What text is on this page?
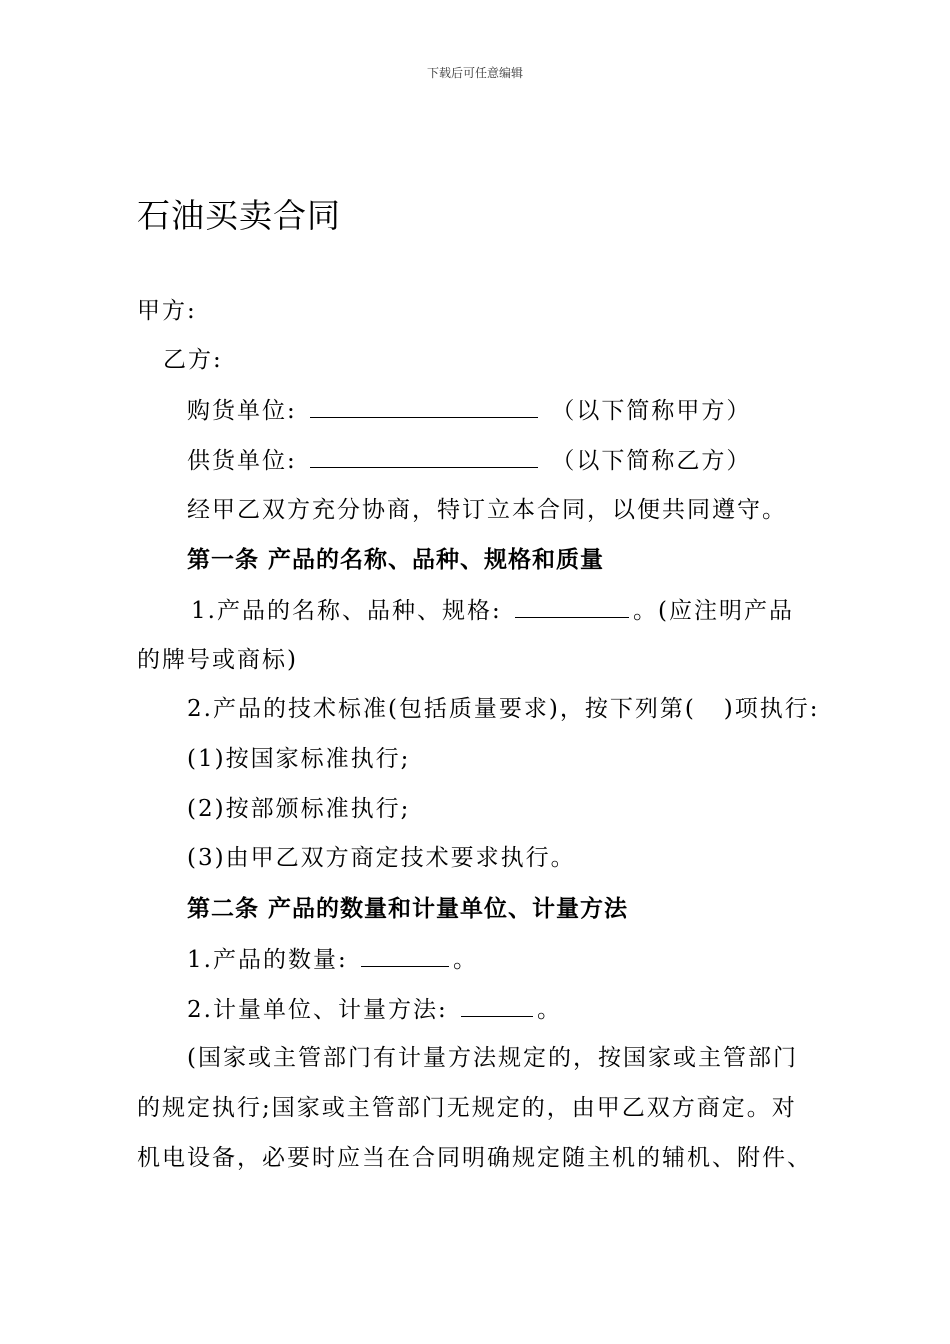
下载后可任意编辑
石油买卖合同
甲方:
乙方:
购货单位:	（以下简称甲方）
供货单位:	（以下简称乙方）
经甲乙双方充分协商，特订立本合同，以便共同遵守。
第一条 产品的名称、品种、规格和质量
1.产品的名称、品种、规格:	。(应注明产品
的牌号或商标)
2.产品的技术标准(包括质量要求)，按下列第(   )项执行:
(1)按国家标准执行;
(2)按部颁标准执行;
(3)由甲乙双方商定技术要求执行。
第二条 产品的数量和计量单位、计量方法
1.产品的数量:	。
2.计量单位、计量方法:	。
(国家或主管部门有计量方法规定的，按国家或主管部门
的规定执行;国家或主管部门无规定的，由甲乙双方商定。对
机电设备，必要时应当在合同明确规定随主机的辅机、附件、
